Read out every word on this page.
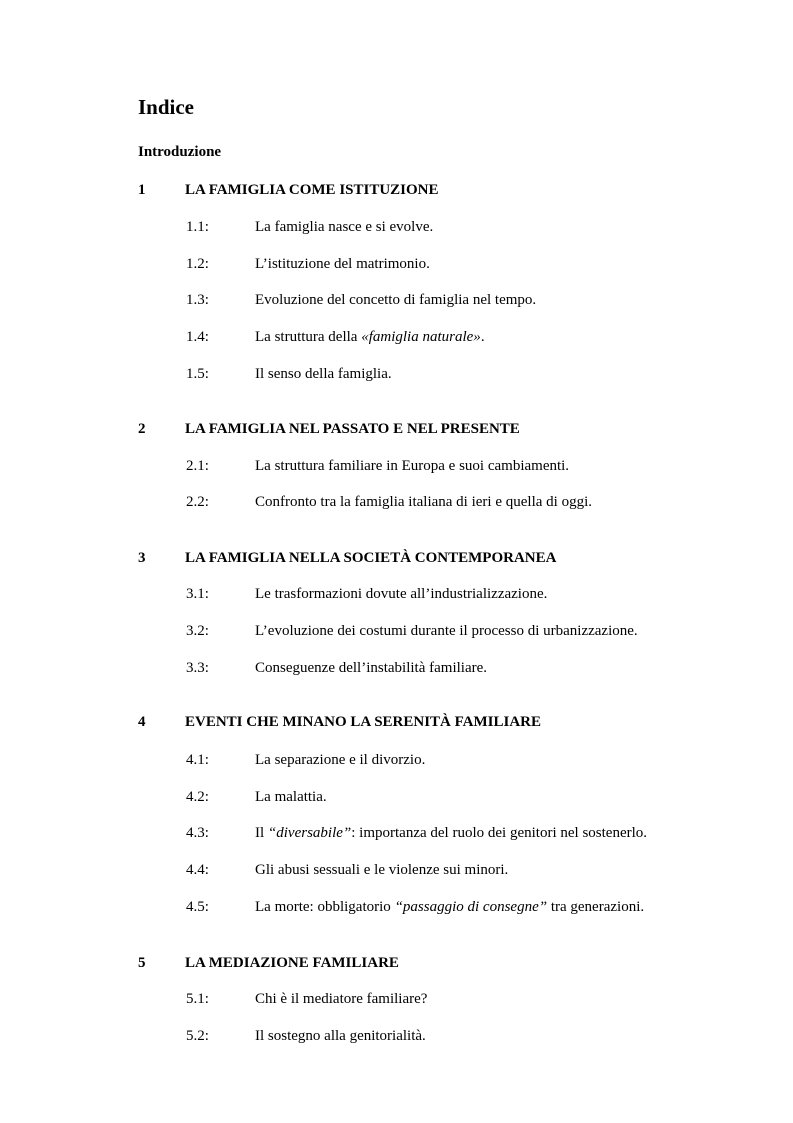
Indice
Introduzione
1	LA FAMIGLIA COME ISTITUZIONE
1.1:	La famiglia nasce e si evolve.
1.2:	L’istituzione del matrimonio.
1.3:	Evoluzione del concetto di famiglia nel tempo.
1.4:	La struttura della «famiglia naturale».
1.5:	Il senso della famiglia.
2	LA FAMIGLIA NEL PASSATO E NEL PRESENTE
2.1:	La struttura familiare in Europa e suoi cambiamenti.
2.2:	Confronto tra la famiglia italiana di ieri e quella di oggi.
3	LA FAMIGLIA NELLA SOCIETÀ CONTEMPORANEA
3.1:	Le trasformazioni dovute all’industrializzazione.
3.2:	L’evoluzione dei costumi durante il processo di urbanizzazione.
3.3:	Conseguenze dell’instabilità familiare.
4	EVENTI CHE MINANO LA SERENITÀ FAMILIARE
4.1:	La separazione e il divorzio.
4.2:	La malattia.
4.3:	Il “diversabile”: importanza del ruolo dei genitori nel sostenerlo.
4.4:	Gli abusi sessuali e le violenze sui minori.
4.5:	La morte: obbligatorio “passaggio di consegne” tra generazioni.
5	LA MEDIAZIONE FAMILIARE
5.1:	Chi è il mediatore familiare?
5.2:	Il sostegno alla genitorialità.
